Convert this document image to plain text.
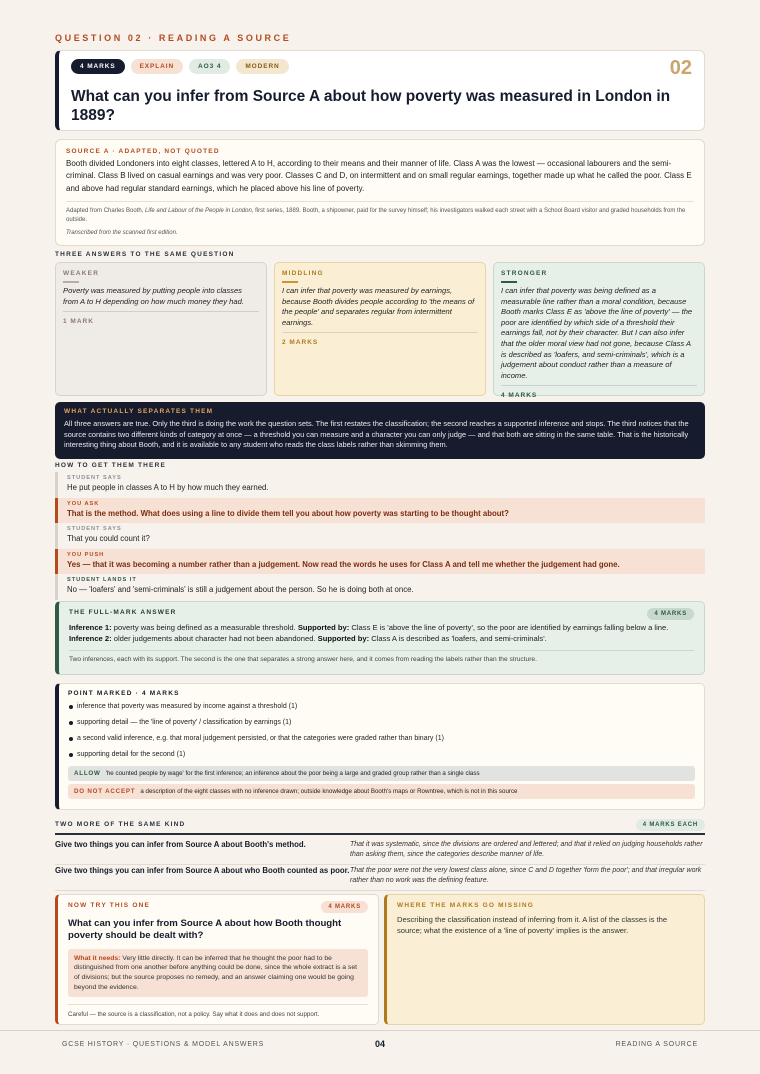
QUESTION 02 · READING A SOURCE
4 MARKS	EXPLAIN	AO3 4	MODERN	02
What can you infer from Source A about how poverty was measured in London in 1889?
SOURCE A · ADAPTED, NOT QUOTED
Booth divided Londoners into eight classes, lettered A to H, according to their means and their manner of life. Class A was the lowest — occasional labourers and the semi-criminal. Class B lived on casual earnings and was very poor. Classes C and D, on intermittent and on small regular earnings, together made up what he called the poor. Class E and above had regular standard earnings, which he placed above his line of poverty.
Adapted from Charles Booth, Life and Labour of the People in London, first series, 1889. Booth, a shipowner, paid for the survey himself; his investigators walked each street with a School Board visitor and graded households from the outside.
Transcribed from the scanned first edition.
THREE ANSWERS TO THE SAME QUESTION
WEAKER
Poverty was measured by putting people into classes from A to H depending on how much money they had.
1 MARK
MIDDLING
I can infer that poverty was measured by earnings, because Booth divides people according to 'the means of the people' and separates regular from intermittent earnings.
2 MARKS
STRONGER
I can infer that poverty was being defined as a measurable line rather than a moral condition, because Booth marks Class E as 'above the line of poverty' — the poor are identified by which side of a threshold their earnings fall, not by their character. But I can also infer that the older moral view had not gone, because Class A is described as 'loafers, and semi-criminals', which is a judgement about conduct rather than a measure of income.
4 MARKS
WHAT ACTUALLY SEPARATES THEM
All three answers are true. Only the third is doing the work the question sets. The first restates the classification; the second reaches a supported inference and stops. The third notices that the source contains two different kinds of category at once — a threshold you can measure and a character you can only judge — and that both are sitting in the same table. That is the historically interesting thing about Booth, and it is available to any student who reads the class labels rather than skimming them.
HOW TO GET THEM THERE
STUDENT SAYS
He put people in classes A to H by how much they earned.
YOU ASK
That is the method. What does using a line to divide them tell you about how poverty was starting to be thought about?
STUDENT SAYS
That you could count it?
YOU PUSH
Yes — that it was becoming a number rather than a judgement. Now read the words he uses for Class A and tell me whether the judgement had gone.
STUDENT LANDS IT
No — 'loafers' and 'semi-criminals' is still a judgement about the person. So he is doing both at once.
THE FULL-MARK ANSWER	4 MARKS
Inference 1: poverty was being defined as a measurable threshold. Supported by: Class E is 'above the line of poverty', so the poor are identified by earnings falling below a line.
Inference 2: older judgements about character had not been abandoned. Supported by: Class A is described as 'loafers, and semi-criminals'.
Two inferences, each with its support. The second is the one that separates a strong answer here, and it comes from reading the labels rather than the structure.
POINT MARKED · 4 MARKS
inference that poverty was measured by income against a threshold (1)
supporting detail — the 'line of poverty' / classification by earnings (1)
a second valid inference, e.g. that moral judgement persisted, or that the categories were graded rather than binary (1)
supporting detail for the second (1)
ALLOW 'he counted people by wage' for the first inference; an inference about the poor being a large and graded group rather than a single class
DO NOT ACCEPT a description of the eight classes with no inference drawn; outside knowledge about Booth's maps or Rowntree, which is not in this source
TWO MORE OF THE SAME KIND	4 MARKS EACH
Give two things you can infer from Source A about Booth's method.	That it was systematic, since the divisions are ordered and lettered; and that it relied on judging households rather than asking them, since the categories describe manner of life.
Give two things you can infer from Source A about who Booth counted as poor. That the poor were not the very lowest class alone, since C and D together 'form the poor'; and that irregular work rather than no work was the defining feature.
NOW TRY THIS ONE	4 MARKS
What can you infer from Source A about how Booth thought poverty should be dealt with?
What it needs: Very little directly. It can be inferred that he thought the poor had to be distinguished from one another before anything could be done, since the whole extract is a set of divisions; but the source proposes no remedy, and an answer claiming one would be going beyond the evidence.
Careful — the source is a classification, not a policy. Say what it does and does not support.
WHERE THE MARKS GO MISSING
Describing the classification instead of inferring from it. A list of the classes is the source; what the existence of a 'line of poverty' implies is the answer.
GCSE HISTORY · QUESTIONS & MODEL ANSWERS	04	READING A SOURCE
